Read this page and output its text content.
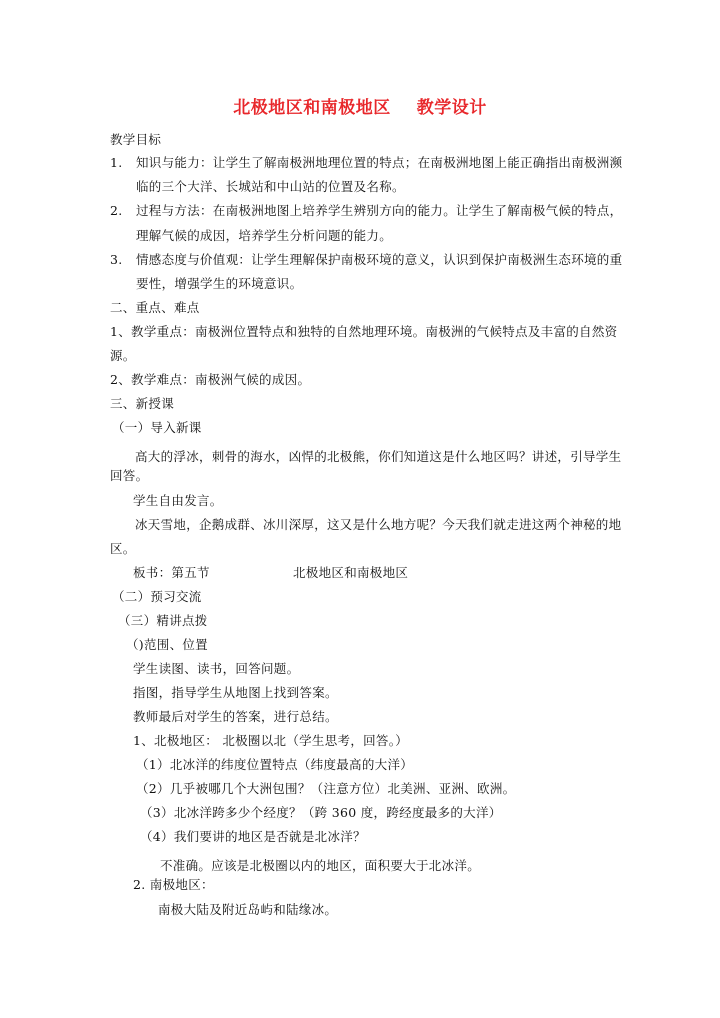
北极地区和南极地区 教学设计
教学目标
1. 知识与能力：让学生了解南极洲地理位置的特点；在南极洲地图上能正确指出南极洲濒
临的三个大洋、长城站和中山站的位置及名称。
2. 过程与方法：在南极洲地图上培养学生辨别方向的能力。让学生了解南极气候的特点，
理解气候的成因，培养学生分析问题的能力。
3. 情感态度与价值观：让学生理解保护南极环境的意义，认识到保护南极洲生态环境的重
要性，增强学生的环境意识。
二、重点、难点
1、教学重点：南极洲位置特点和独特的自然地理环境。南极洲的气候特点及丰富的自然资
源。
2、教学难点：南极洲气候的成因。
三、新授课
（一）导入新课
高大的浮冰，刺骨的海水，凶悍的北极熊，你们知道这是什么地区吗？讲述，引导学生
回答。
学生自由发言。
冰天雪地，企鹅成群、冰川深厚，这又是什么地方呢？今天我们就走进这两个神秘的地
区。
板书：第五节	北极地区和南极地区
（二）预习交流
（三）精讲点拨
（)范围、位置
学生读图、读书，回答问题。
指图，指导学生从地图上找到答案。
教师最后对学生的答案，进行总结。
1、北极地区： 北极圈以北（学生思考，回答。）
（1）北冰洋的纬度位置特点（纬度最高的大洋）
（2）几乎被哪几个大洲包围？（注意方位）北美洲、亚洲、欧洲。
（3）北冰洋跨多少个经度？（跨 360 度，跨经度最多的大洋）
（4）我们要讲的地区是否就是北冰洋？
不准确。应该是北极圈以内的地区，面积要大于北冰洋。
2. 南极地区：
南极大陆及附近岛屿和陆缘冰。
